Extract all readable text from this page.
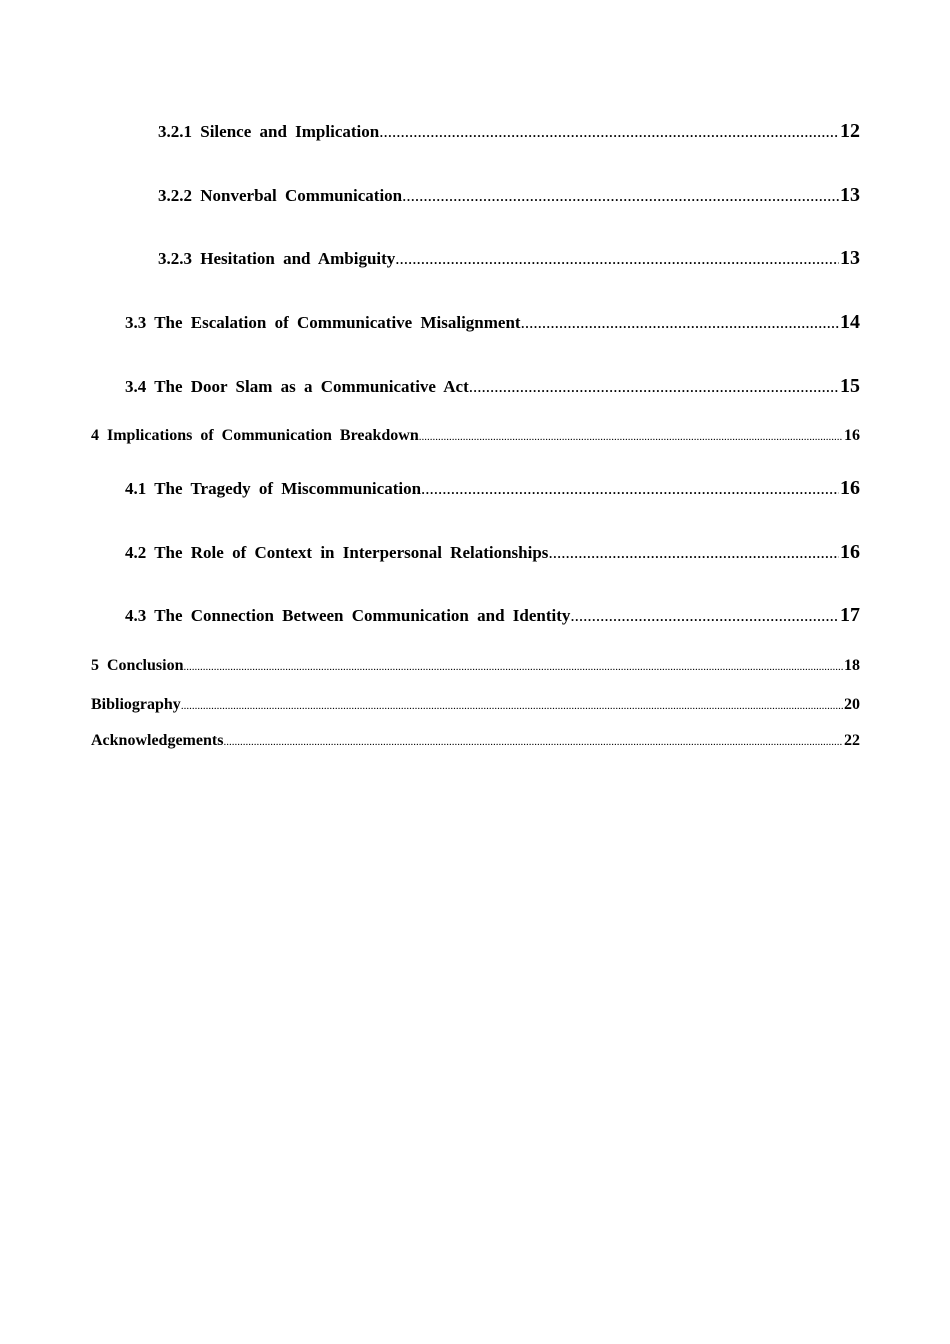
3.2.1 Silence and Implication .....	12
3.2.2 Nonverbal Communication .....	13
3.2.3 Hesitation and Ambiguity .....	13
3.3 The Escalation of Communicative Misalignment .....	14
3.4 The Door Slam as a Communicative Act .....	15
4 Implications of Communication Breakdown .....	16
4.1 The Tragedy of Miscommunication .....	16
4.2 The Role of Context in Interpersonal Relationships .....	16
4.3 The Connection Between Communication and Identity .....	17
5 Conclusion .....	18
Bibliography .....	20
Acknowledgements .....	22
